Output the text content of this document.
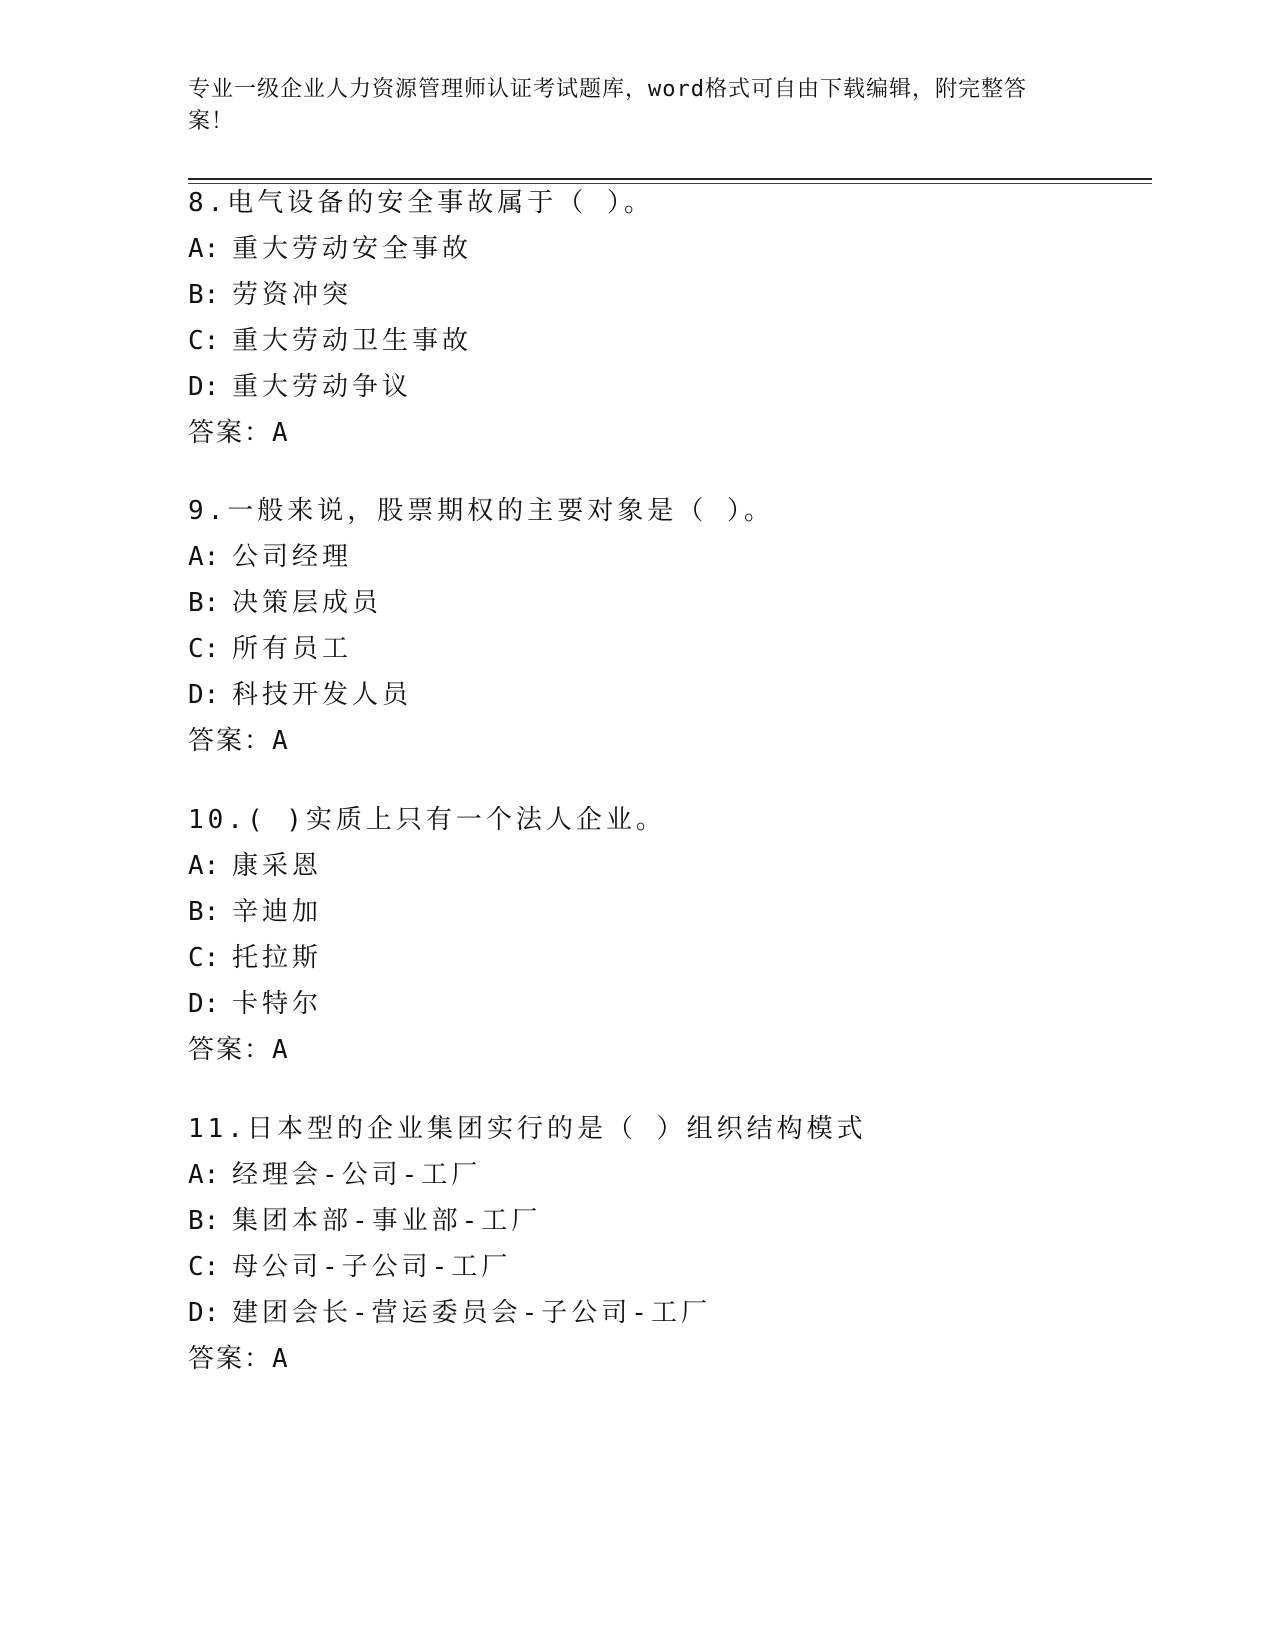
专业一级企业人力资源管理师认证考试题库，word格式可自由下载编辑，附完整答案！
8.电气设备的安全事故属于（ ）。
A: 重大劳动安全事故
B: 劳资冲突
C: 重大劳动卫生事故
D: 重大劳动争议
答案：A
9.一般来说，股票期权的主要对象是（ ）。
A: 公司经理
B: 决策层成员
C: 所有员工
D: 科技开发人员
答案：A
10.( )实质上只有一个法人企业。
A: 康采恩
B: 辛迪加
C: 托拉斯
D: 卡特尔
答案：A
11.日本型的企业集团实行的是（ ）组织结构模式
A: 经理会-公司-工厂
B: 集团本部-事业部-工厂
C: 母公司-子公司-工厂
D: 建团会长-营运委员会-子公司-工厂
答案：A
